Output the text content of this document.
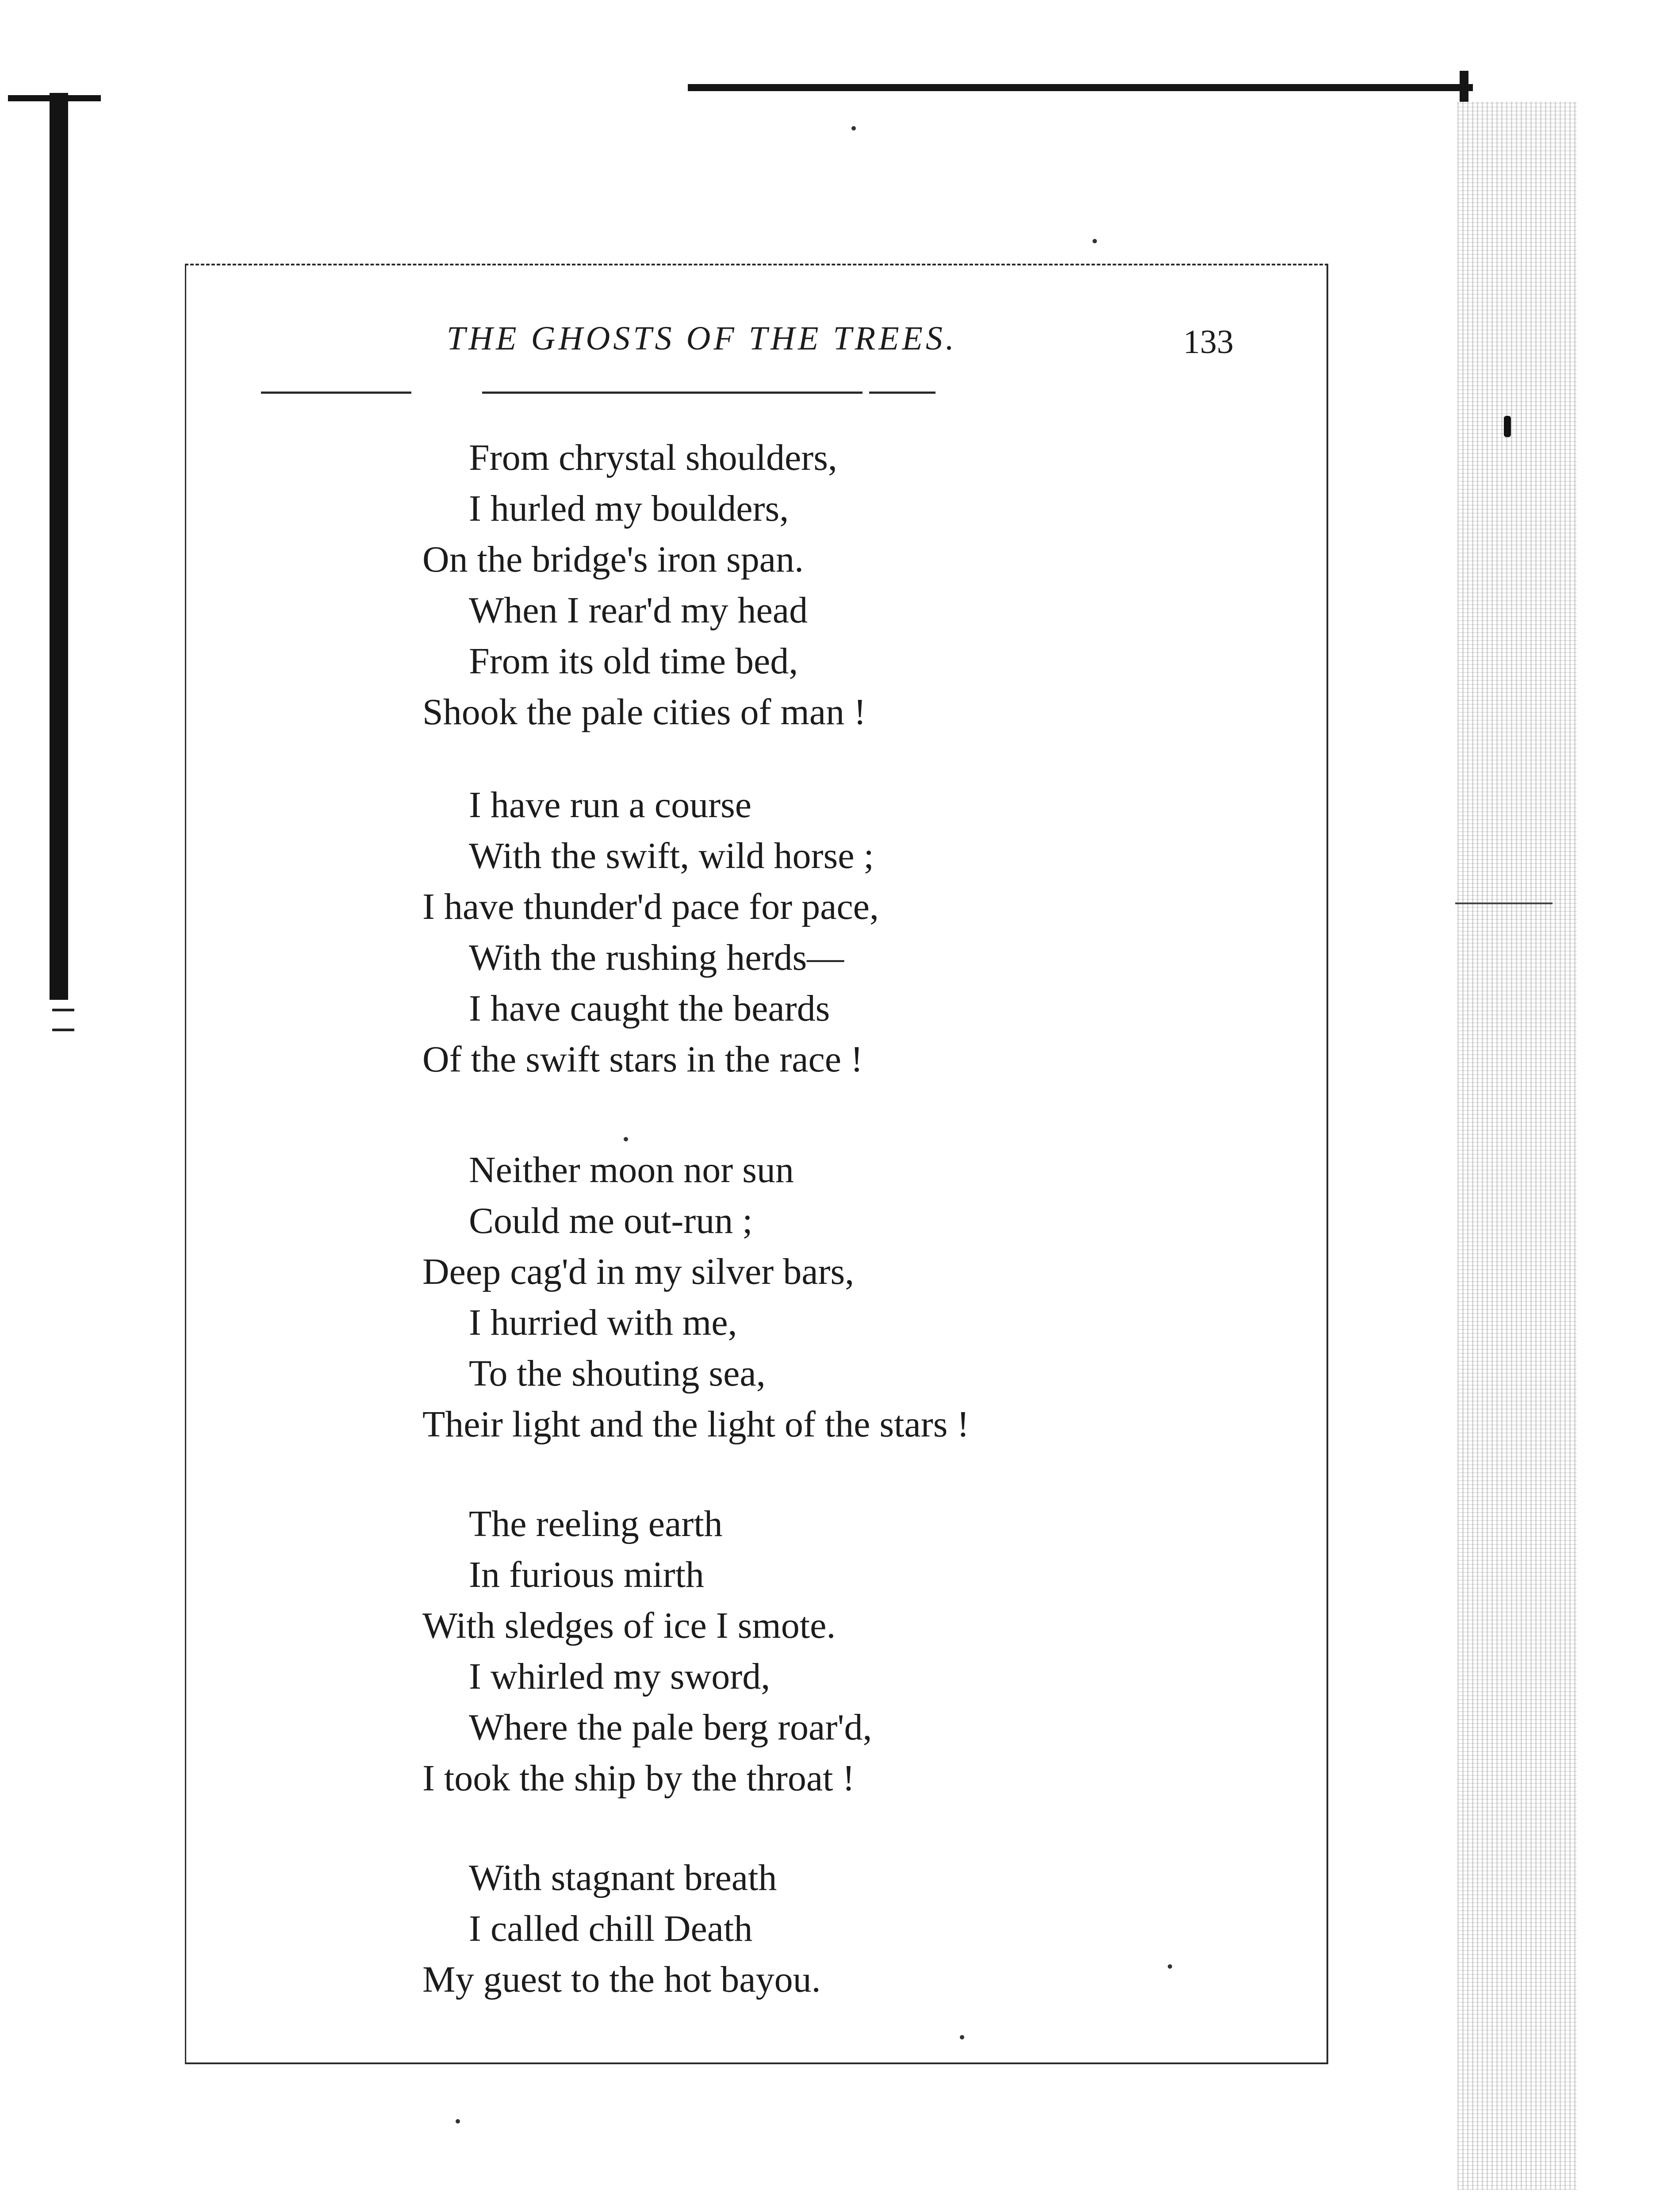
THE GHOSTS OF THE TREES.	133
From chrystal shoulders,
I hurled my boulders,
On the bridge's iron span.
When I rear'd my head
From its old time bed,
Shook the pale cities of man !
I have run a course
With the swift, wild horse ;
I have thunder'd pace for pace,
With the rushing herds—
I have caught the beards
Of the swift stars in the race !
Neither moon nor sun
Could me out-run ;
Deep cag'd in my silver bars,
I hurried with me,
To the shouting sea,
Their light and the light of the stars !
The reeling earth
In furious mirth
With sledges of ice I smote.
I whirled my sword,
Where the pale berg roar'd,
I took the ship by the throat !
With stagnant breath
I called chill Death
My guest to the hot bayou.
